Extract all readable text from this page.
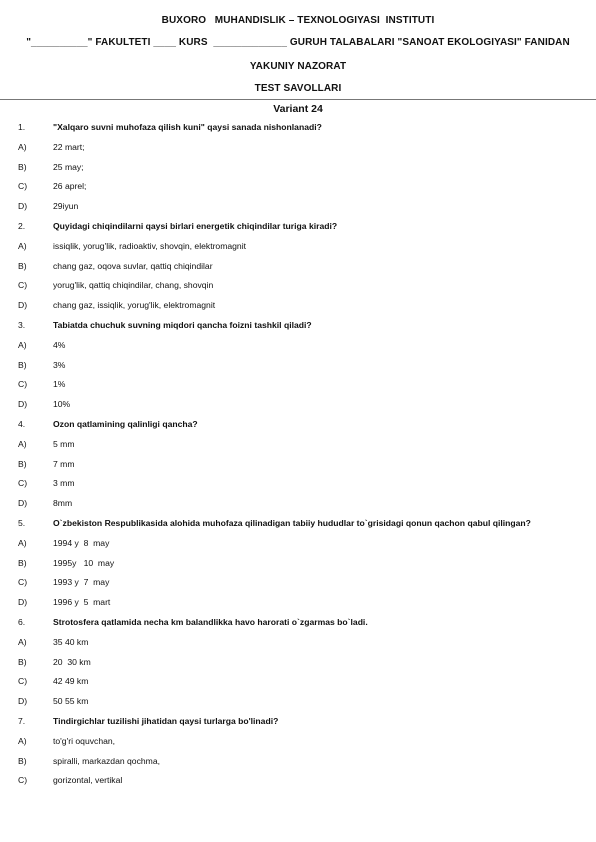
BUXORO   MUHANDISLIK – TEXNOLOGIYASI  INSTITUTI
"__________" FAKULTETI ____ KURS  _____________ GURUH TALABALARI "SANOAT EKOLOGIYASI" FANIDAN
YAKUNIY NAZORAT
TEST SAVOLLARI
Variant 24
1.	"Xalqaro suvni muhofaza qilish kuni" qaysi sanada nishonlanadi?
A)	22 mart;
B)	25 may;
C)	26 aprel;
D)	29iyun
2.	Quyidagi chiqindilarni qaysi birlari energetik chiqindilar turiga kiradi?
A)	issiqlik, yorug'lik, radioaktiv, shovqin, elektromagnit
B)	chang gaz, oqova suvlar, qattiq chiqindilar
C)	yorug'lik, qattiq chiqindilar, chang, shovqin
D)	chang gaz, issiqlik, yorug'lik, elektromagnit
3.	Tabiatda chuchuk suvning miqdori qancha foizni tashkil qiladi?
A)	4%
B)	3%
C)	1%
D)	10%
4.	Ozon qatlamining qalinligi qancha?
A)	5 mm
B)	7 mm
C)	3 mm
D)	8mm
5.	O`zbekiston Respublikasida alohida muhofaza qilinadigan tabiiy hududlar to`grisidagi qonun qachon qabul qilingan?
A)	1994 y  8  may
B)	1995y   10  may
C)	1993 y  7  may
D)	1996 y  5  mart
6.	Strotosfera qatlamida necha km balandlikka havo harorati o`zgarmas bo`ladi.
A)	35 40 km
B)	20  30 km
C)	42 49 km
D)	50 55 km
7.	Tindirgichlar tuzilishi jihatidan qaysi turlarga bo'linadi?
A)	to'g'ri oquvchan,
B)	spiralli, markazdan qochma,
C)	gorizontal, vertikal
